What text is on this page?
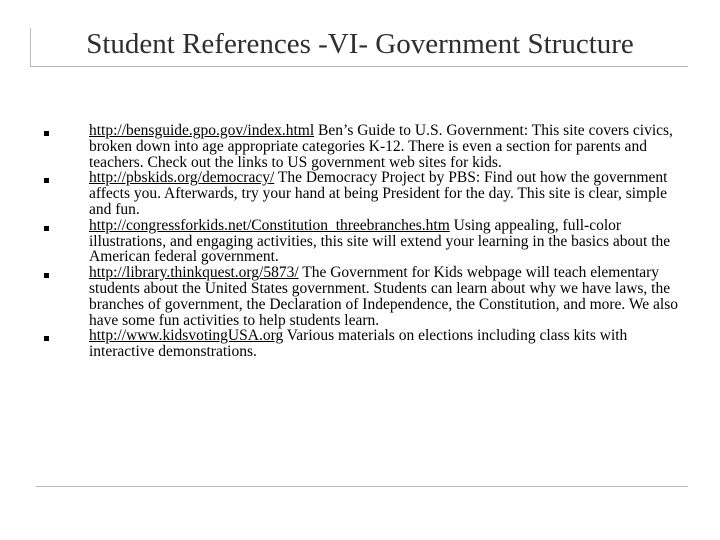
Student References -VI- Government Structure
http://bensguide.gpo.gov/index.html Ben’s Guide to U.S. Government: This site covers civics, broken down into age appropriate categories K-12. There is even a section for parents and teachers. Check out the links to US government web sites for kids.
http://pbskids.org/democracy/ The Democracy Project by PBS: Find out how the government affects you. Afterwards, try your hand at being President for the day. This site is clear, simple and fun.
http://congressforkids.net/Constitution_threebranches.htm Using appealing, full-color illustrations, and engaging activities, this site will extend your learning in the basics about the American federal government.
http://library.thinkquest.org/5873/ The Government for Kids webpage will teach elementary students about the United States government. Students can learn about why we have laws, the branches of government, the Declaration of Independence, the Constitution, and more. We also have some fun activities to help students learn.
http://www.kidsvotingUSA.org Various materials on elections including class kits with interactive demonstrations.
